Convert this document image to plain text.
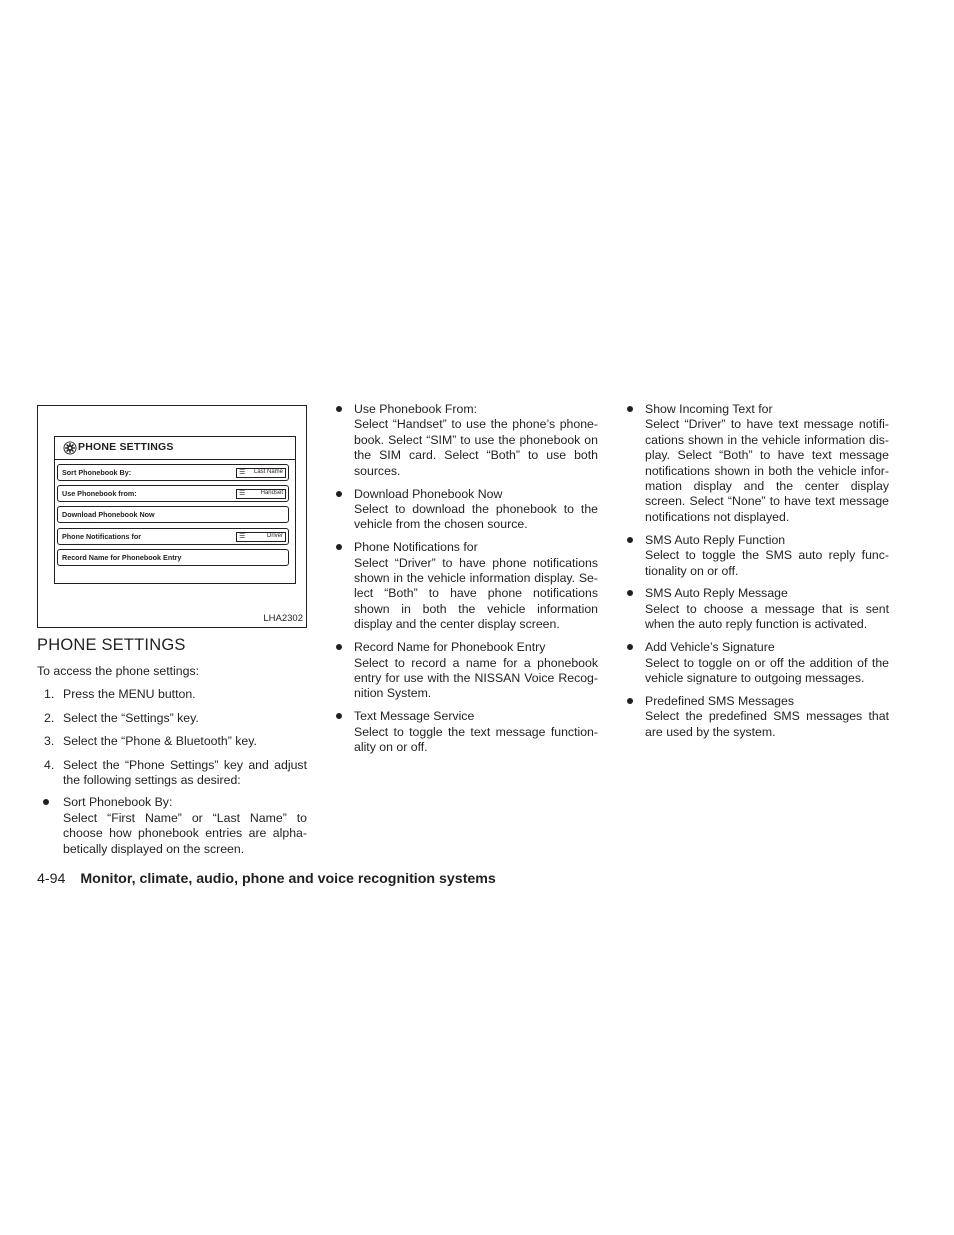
PHONE SETTINGS
Sort Phonebook By:	☰ Last Name
Use Phonebook from:	☰	Handset
Download Phonebook Now
Phone Notifications for	☰	Driver
Record Name for Phonebook Entry
LHA2302
PHONE SETTINGS
To access the phone settings:
1. Press the MENU button.
2. Select the “Settings” key.
3. Select the “Phone & Bluetooth” key.
4. Select the “Phone Settings” key and adjust the following settings as desired:
Sort Phonebook By:
Select “First Name” or “Last Name” to choose how phonebook entries are alpha-betically displayed on the screen.
Use Phonebook From:
Select “Handset” to use the phone’s phone-book. Select “SIM” to use the phonebook on the SIM card. Select “Both” to use both sources.
Download Phonebook Now
Select to download the phonebook to the vehicle from the chosen source.
Phone Notifications for
Select “Driver” to have phone notifications shown in the vehicle information display. Se-lect “Both” to have phone notifications shown in both the vehicle information display and the center display screen.
Record Name for Phonebook Entry
Select to record a name for a phonebook entry for use with the NISSAN Voice Recog-nition System.
Text Message Service
Select to toggle the text message function-ality on or off.
Show Incoming Text for
Select “Driver” to have text message notifi-cations shown in the vehicle information dis-play. Select “Both” to have text message notifications shown in both the vehicle infor-mation display and the center display screen. Select “None” to have text message notifications not displayed.
SMS Auto Reply Function
Select to toggle the SMS auto reply func-tionality on or off.
SMS Auto Reply Message
Select to choose a message that is sent when the auto reply function is activated.
Add Vehicle’s Signature
Select to toggle on or off the addition of the vehicle signature to outgoing messages.
Predefined SMS Messages
Select the predefined SMS messages that are used by the system.
4-94 Monitor, climate, audio, phone and voice recognition systems
